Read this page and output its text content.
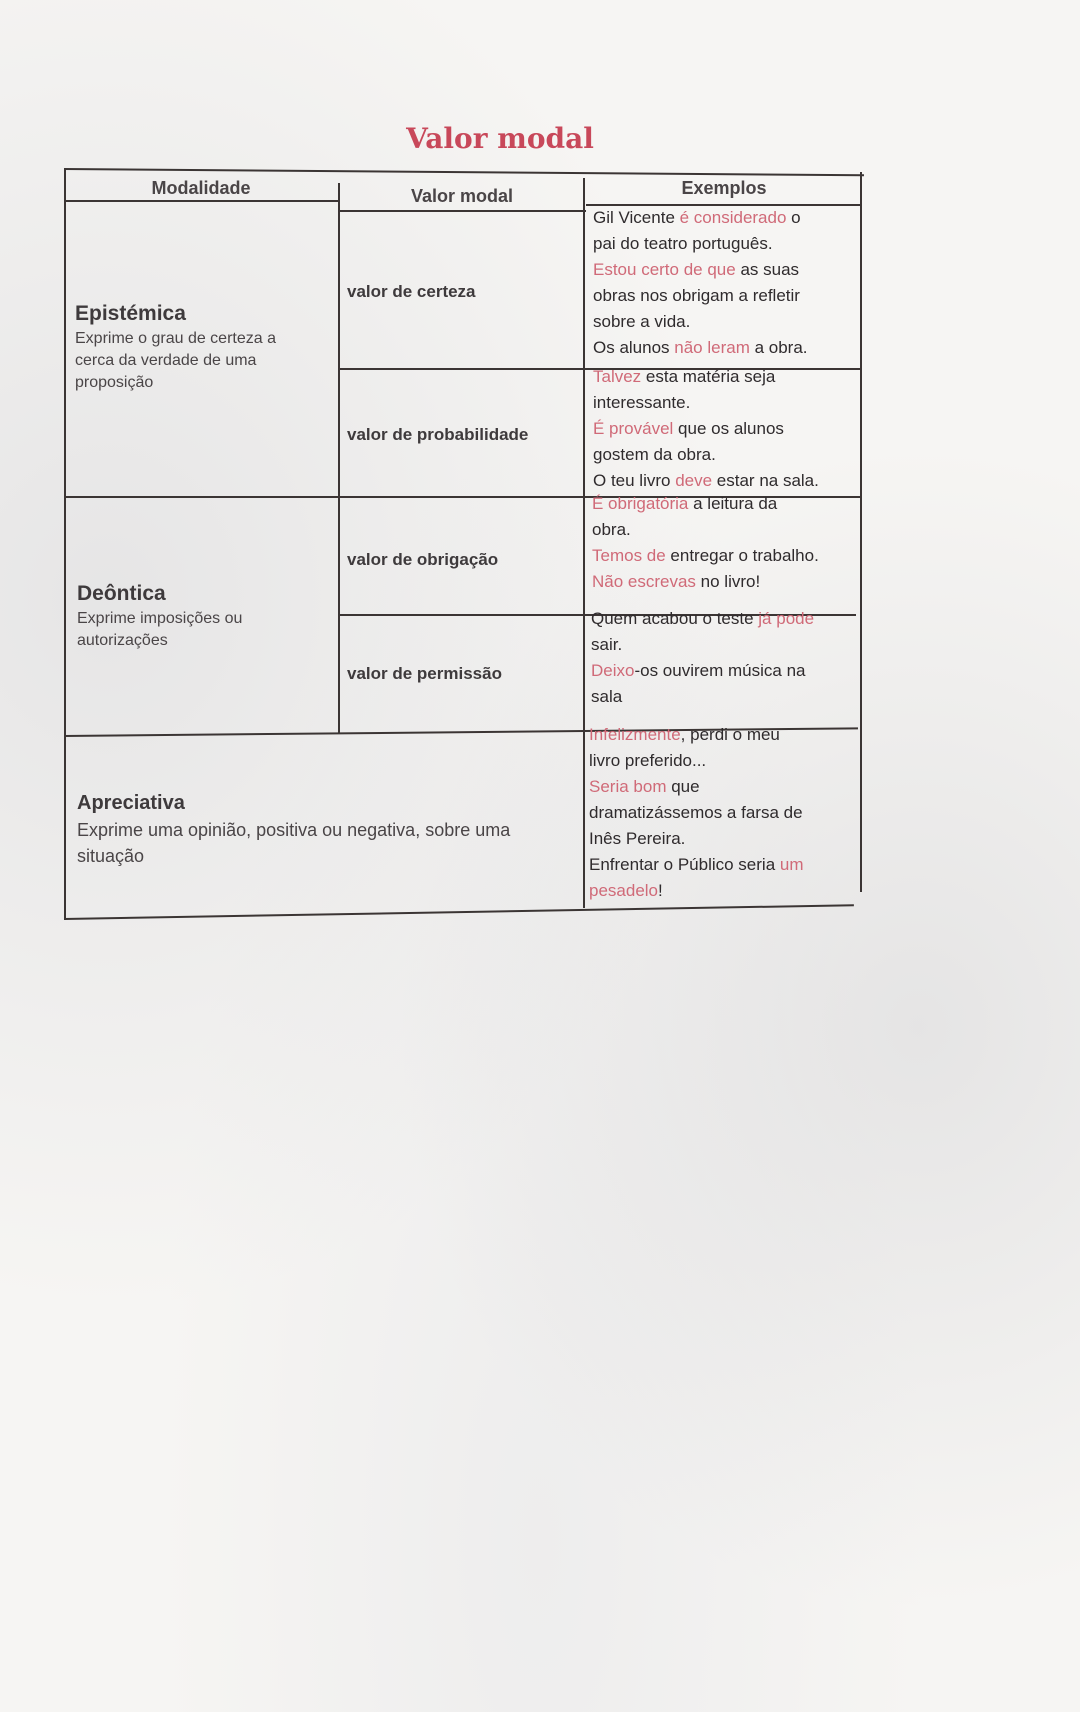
Valor modal
Modalidade	Valor modal	Exemplos
Epistémica
Exprime o grau de certeza a
cerca da verdade de uma
proposição
valor de certeza
valor de probabilidade
Gil Vicente é considerado o
pai do teatro português.
Estou certo de que as suas
obras nos obrigam a refletir
sobre a vida.
Os alunos não leram a obra.
Talvez esta matéria seja
interessante.
É provável que os alunos
gostem da obra.
O teu livro deve estar na sala.
Deôntica
Exprime imposições ou
autorizações
valor de obrigação
valor de permissão
É obrigatória a leitura da
obra.
Temos de entregar o trabalho.
Não escrevas no livro!
Quem acabou o teste já pode
sair.
Deixo-os ouvirem música na
sala
Apreciativa
Exprime uma opinião, positiva ou negativa, sobre uma
situação
Infelizmente, perdi o meu
livro preferido...
Seria bom que
dramatizássemos a farsa de
Inês Pereira.
Enfrentar o Público seria um
pesadelo!
